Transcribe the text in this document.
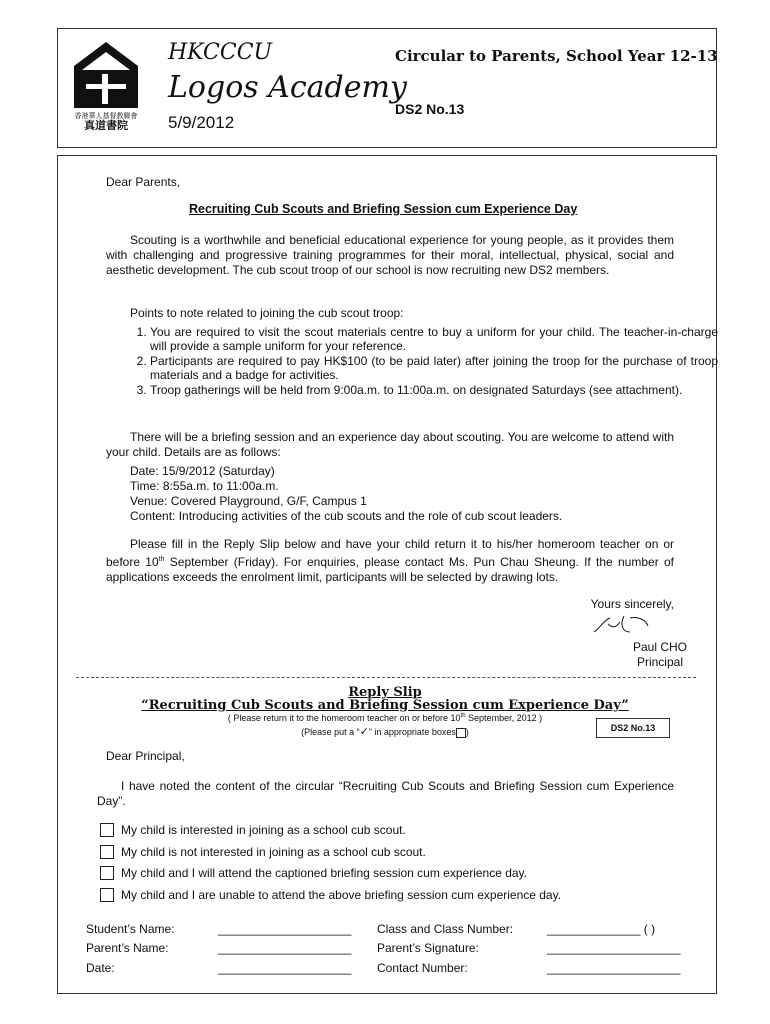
香港華人基督教聯會
真道書院
HKCCCU
Logos Academy
5/9/2012
Circular to Parents, School Year 12-13
DS2 No.13
Dear Parents,
Recruiting Cub Scouts and Briefing Session cum Experience Day
Scouting is a worthwhile and beneficial educational experience for young people, as it provides them with challenging and progressive training programmes for their moral, intellectual, physical, social and aesthetic development. The cub scout troop of our school is now recruiting new DS2 members.
Points to note related to joining the cub scout troop:
1. You are required to visit the scout materials centre to buy a uniform for your child. The teacher-in-charge will provide a sample uniform for your reference.
2. Participants are required to pay HK$100 (to be paid later) after joining the troop for the purchase of troop materials and a badge for activities.
3. Troop gatherings will be held from 9:00a.m. to 11:00a.m. on designated Saturdays (see attachment).
There will be a briefing session and an experience day about scouting. You are welcome to attend with your child. Details are as follows:
Date: 15/9/2012 (Saturday)
Time: 8:55a.m. to 11:00a.m.
Venue: Covered Playground, G/F, Campus 1
Content: Introducing activities of the cub scouts and the role of cub scout leaders.
Please fill in the Reply Slip below and have your child return it to his/her homeroom teacher on or before 10th September (Friday). For enquiries, please contact Ms. Pun Chau Sheung. If the number of applications exceeds the enrolment limit, participants will be selected by drawing lots.
Yours sincerely,
Paul CHO
Principal
Reply Slip
“Recruiting Cub Scouts and Briefing Session cum Experience Day”
( Please return it to the homeroom teacher on or before 10th September, 2012 )
(Please put a “✓” in appropriate boxes )	DS2 No.13
Dear Principal,
I have noted the content of the circular “Recruiting Cub Scouts and Briefing Session cum Experience Day”.
My child is interested in joining as a school cub scout.
My child is not interested in joining as a school cub scout.
My child and I will attend the captioned briefing session cum experience day.
My child and I are unable to attend the above briefing session cum experience day.
Student’s Name:	____________________ Class and Class Number:	______________ ( )
Parent’s Name:	____________________ Parent’s Signature:	____________________
Date:	____________________ Contact Number:	____________________
